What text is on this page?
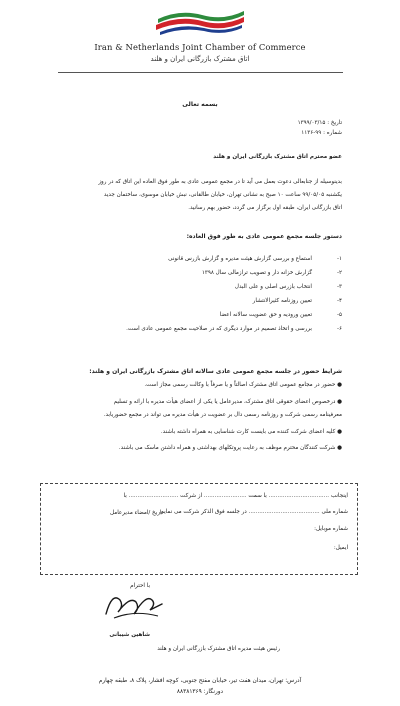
Iran & Netherlands Joint Chamber of Commerce
اتاق مشترک بازرگانی ایران و هلند
بسمه تعالی
تاریخ : ۱۳۹۹/۰۳/۱۵
شماره : ۹۹-۱۱۳۶
عضو محترم اتاق مشترک بازرگانی ایران و هلند
بدینوسیله از جنابعالی دعوت بعمل می آید تا در مجمع عمومی عادی به طور فوق العاده این اتاق که در روز
یکشنبه ۹۹/۰۵/۰۵ ساعت ۱۰ صبح به نشانی تهران، خیابان طالقانی، نبش خیابان موسوی، ساختمان جدید
اتاق بازرگانی ایران، طبقه اول برگزار می گردد، حضور بهم رسانید.
دستور جلسه مجمع عمومی عادی به طور فوق العاده:
۱-
استماع و بررسی گزارش هیئت مدیره و گزارش بازرس قانونی
۲-
گزارش خزانه دار و تصویب ترازمالی سال ۱۳۹۸
۳-
انتخاب بازرس اصلی و علی البدل
۴-
تعیین روزنامه کثیرالانتشار
۵-
تعیین ورودیه و حق عضویت سالانه اعضا
۶-
بررسی و اتخاذ تصمیم در موارد دیگری که در صلاحیت مجمع عمومی عادی است.
شرایط حضور در جلسه مجمع عمومی عادی سالانه اتاق مشترک بازرگانی ایران و هلند:
● حضور در مجامع عمومی اتاق مشترک اصالتاً و یا صرفاً با وکالت رسمی مجاز است.
● درخصوص اعضای حقوقی اتاق مشترک، مدیرعامل یا یکی از اعضای هیأت مدیره با ارائه و تسلیم
معرفینامه رسمی شرکت و روزنامه رسمی دال بر عضویت در هیأت مدیره می تواند در مجمع حضوریابد.
● کلیه اعضای شرکت کننده می بایست کارت شناسایی به همراه داشته باشند.
● شرکت کنندگان محترم موظف به رعایت پروتکلهای بهداشتی و همراه داشتن ماسک می باشند.
اینجانب .................................. با سمت ........................ از شرکت ............................ با
شماره ملی ........................................ در جلسه فوق الذکر شرکت می نمایم.
شماره موبایل:
تاریخ /امضاء مدیرعامل
ایمیل:
با احترام
شاهین شیبانی
رئیس هیئت مدیره اتاق مشترک بازرگانی ایران و هلند
آدرس: تهران، میدان هفت تیر، خیابان مفتح جنوبی، کوچه افشار، پلاک ۸، طبقه چهارم
دورنگار: ۸۸۳۸۱۳۶۹
